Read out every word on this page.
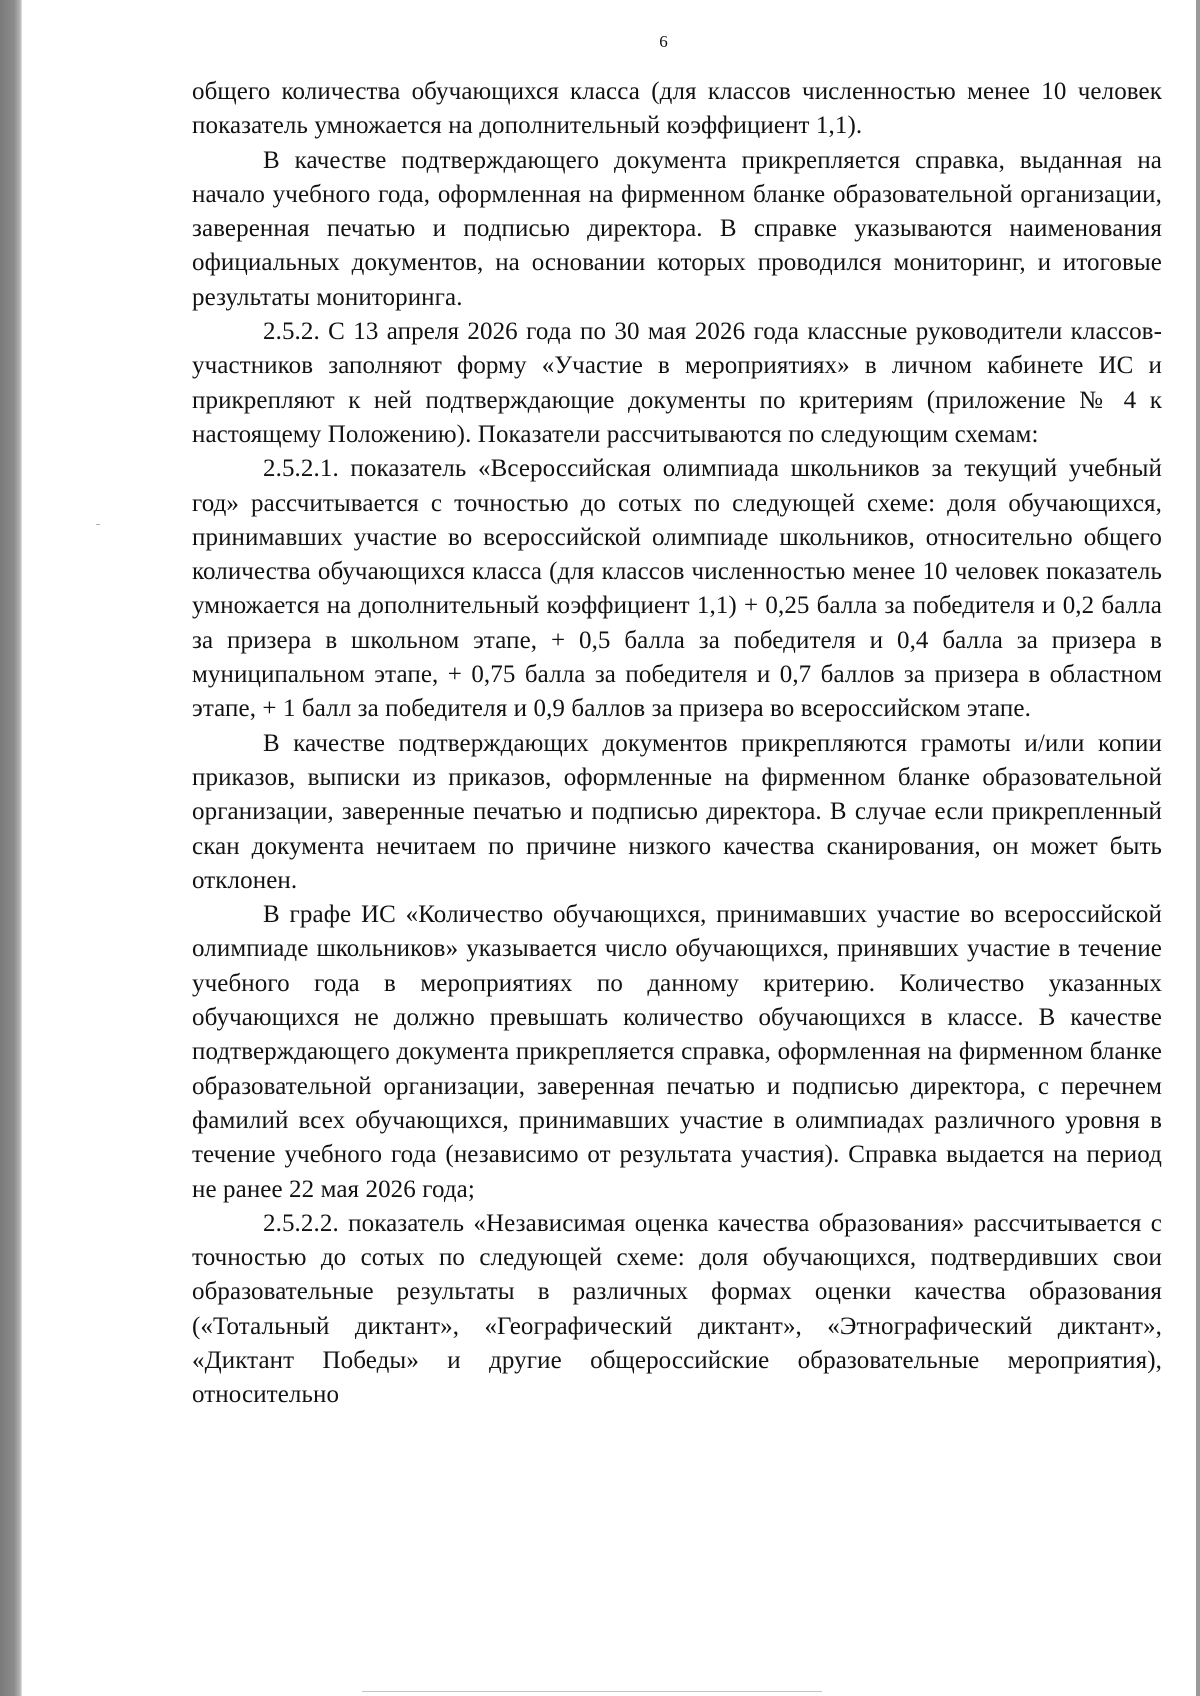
6

общего количества обучающихся класса (для классов численностью менее 10 человек показатель умножается на дополнительный коэффициент 1,1).

В качестве подтверждающего документа прикрепляется справка, выданная на начало учебного года, оформленная на фирменном бланке образовательной организации, заверенная печатью и подписью директора. В справке указываются наименования официальных документов, на основании которых проводился мониторинг, и итоговые результаты мониторинга.

2.5.2. С 13 апреля 2026 года по 30 мая 2026 года классные руководители классов-участников заполняют форму «Участие в мероприятиях» в личном кабинете ИС и прикрепляют к ней подтверждающие документы по критериям (приложение № 4 к настоящему Положению). Показатели рассчитываются по следующим схемам:

2.5.2.1. показатель «Всероссийская олимпиада школьников за текущий учебный год» рассчитывается с точностью до сотых по следующей схеме: доля обучающихся, принимавших участие во всероссийской олимпиаде школьников, относительно общего количества обучающихся класса (для классов численностью менее 10 человек показатель умножается на дополнительный коэффициент 1,1) + 0,25 балла за победителя и 0,2 балла за призера в школьном этапе, + 0,5 балла за победителя и 0,4 балла за призера в муниципальном этапе, + 0,75 балла за победителя и 0,7 баллов за призера в областном этапе, + 1 балл за победителя и 0,9 баллов за призера во всероссийском этапе.

В качестве подтверждающих документов прикрепляются грамоты и/или копии приказов, выписки из приказов, оформленные на фирменном бланке образовательной организации, заверенные печатью и подписью директора. В случае если прикрепленный скан документа нечитаем по причине низкого качества сканирования, он может быть отклонен.

В графе ИС «Количество обучающихся, принимавших участие во всероссийской олимпиаде школьников» указывается число обучающихся, принявших участие в течение учебного года в мероприятиях по данному критерию. Количество указанных обучающихся не должно превышать количество обучающихся в классе. В качестве подтверждающего документа прикрепляется справка, оформленная на фирменном бланке образовательной организации, заверенная печатью и подписью директора, с перечнем фамилий всех обучающихся, принимавших участие в олимпиадах различного уровня в течение учебного года (независимо от результата участия). Справка выдается на период не ранее 22 мая 2026 года;

2.5.2.2. показатель «Независимая оценка качества образования» рассчитывается с точностью до сотых по следующей схеме: доля обучающихся, подтвердивших свои образовательные результаты в различных формах оценки качества образования («Тотальный диктант», «Географический диктант», «Этнографический диктант», «Диктант Победы» и другие общероссийские образовательные мероприятия), относительно
